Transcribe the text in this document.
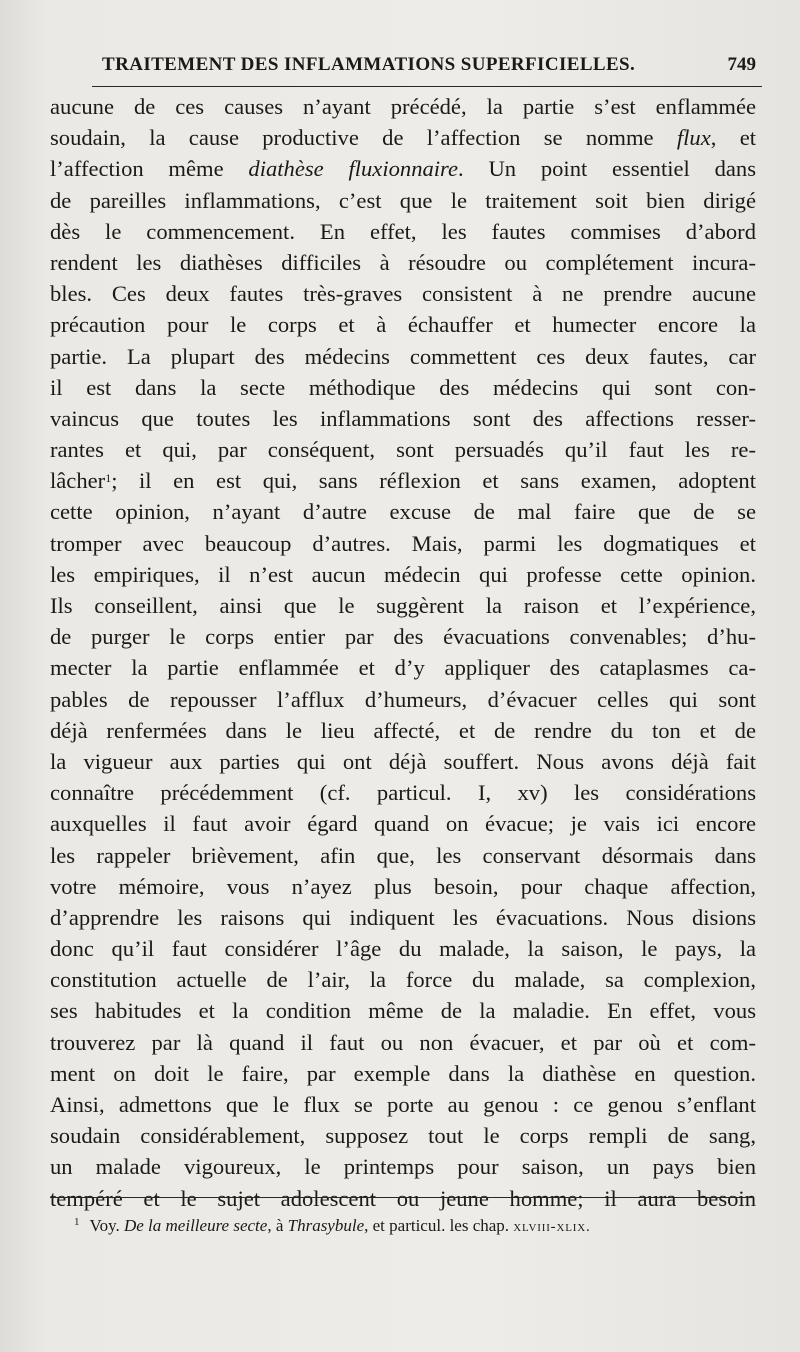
TRAITEMENT DES INFLAMMATIONS SUPERFICIELLES.	749
aucune de ces causes n’ayant précédé, la partie s’est enflammée
soudain, la cause productive de l’affection se nomme flux, et
l’affection même diathèse fluxionnaire. Un point essentiel dans
de pareilles inflammations, c’est que le traitement soit bien dirigé
dès le commencement. En effet, les fautes commises d’abord
rendent les diathèses difficiles à résoudre ou complétement incura-
bles. Ces deux fautes très-graves consistent à ne prendre aucune
précaution pour le corps et à échauffer et humecter encore la
partie. La plupart des médecins commettent ces deux fautes, car
il est dans la secte méthodique des médecins qui sont con-
vaincus que toutes les inflammations sont des affections resser-
rantes et qui, par conséquent, sont persuadés qu’il faut les re-
lâcher$^1$; il en est qui, sans réflexion et sans examen, adoptent
cette opinion, n’ayant d’autre excuse de mal faire que de se
tromper avec beaucoup d’autres. Mais, parmi les dogmatiques et
les empiriques, il n’est aucun médecin qui professe cette opinion.
Ils conseillent, ainsi que le suggèrent la raison et l’expérience,
de purger le corps entier par des évacuations convenables; d’hu-
mecter la partie enflammée et d’y appliquer des cataplasmes ca-
pables de repousser l’afflux d’humeurs, d’évacuer celles qui sont
déjà renfermées dans le lieu affecté, et de rendre du ton et de
la vigueur aux parties qui ont déjà souffert. Nous avons déjà fait
connaître précédemment (cf. particul. I, xv) les considérations
auxquelles il faut avoir égard quand on évacue; je vais ici encore
les rappeler brièvement, afin que, les conservant désormais dans
votre mémoire, vous n’ayez plus besoin, pour chaque affection,
d’apprendre les raisons qui indiquent les évacuations. Nous disions
donc qu’il faut considérer l’âge du malade, la saison, le pays, la
constitution actuelle de l’air, la force du malade, sa complexion,
ses habitudes et la condition même de la maladie. En effet, vous
trouverez par là quand il faut ou non évacuer, et par où et com-
ment on doit le faire, par exemple dans la diathèse en question.
Ainsi, admettons que le flux se porte au genou : ce genou s’enflant
soudain considérablement, supposez tout le corps rempli de sang,
un malade vigoureux, le printemps pour saison, un pays bien
tempéré et le sujet adolescent ou jeune homme; il aura besoin
$^1$ Voy. De la meilleure secte, à Thrasybule, et particul. les chap. xlviii-xlix.
